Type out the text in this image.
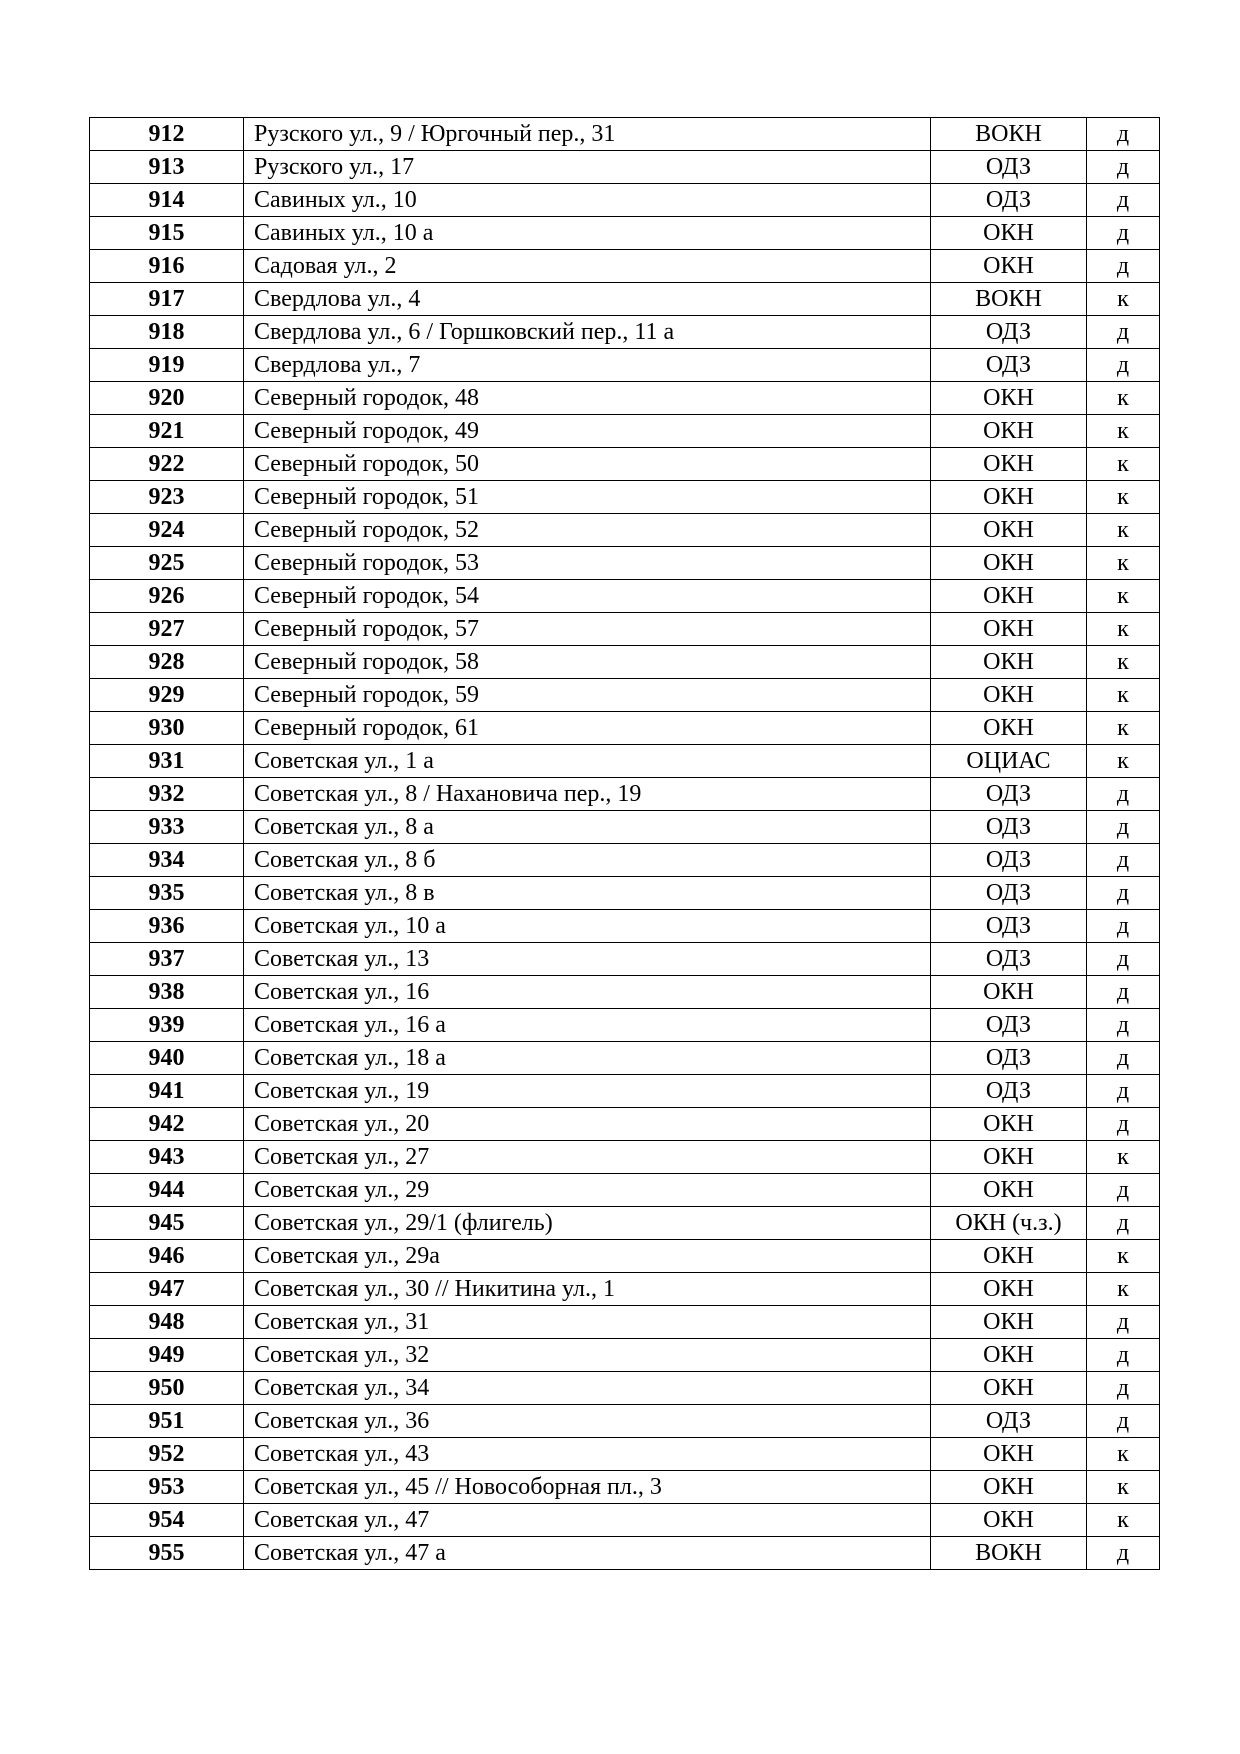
912	Рузского ул., 9 / Юргочный пер., 31	ВОКН	д
913	Рузского ул., 17	ОДЗ	д
914	Савиных ул., 10	ОДЗ	д
915	Савиных ул., 10 а	ОКН	д
916	Садовая ул., 2	ОКН	д
917	Свердлова ул., 4	ВОКН	к
918	Свердлова ул., 6 / Горшковский пер., 11 а	ОДЗ	д
919	Свердлова ул., 7	ОДЗ	д
920	Северный городок, 48	ОКН	к
921	Северный городок, 49	ОКН	к
922	Северный городок, 50	ОКН	к
923	Северный городок, 51	ОКН	к
924	Северный городок, 52	ОКН	к
925	Северный городок, 53	ОКН	к
926	Северный городок, 54	ОКН	к
927	Северный городок, 57	ОКН	к
928	Северный городок, 58	ОКН	к
929	Северный городок, 59	ОКН	к
930	Северный городок, 61	ОКН	к
931	Советская ул., 1 а	ОЦИАС	к
932	Советская ул., 8 / Нахановича пер., 19	ОДЗ	д
933	Советская ул., 8 а	ОДЗ	д
934	Советская ул., 8 б	ОДЗ	д
935	Советская ул., 8 в	ОДЗ	д
936	Советская ул., 10 а	ОДЗ	д
937	Советская ул., 13	ОДЗ	д
938	Советская ул., 16	ОКН	д
939	Советская ул., 16 а	ОДЗ	д
940	Советская ул., 18 а	ОДЗ	д
941	Советская ул., 19	ОДЗ	д
942	Советская ул., 20	ОКН	д
943	Советская ул., 27	ОКН	к
944	Советская ул., 29	ОКН	д
945	Советская ул., 29/1 (флигель)	ОКН (ч.з.)	д
946	Советская ул., 29а	ОКН	к
947	Советская ул., 30 // Никитина ул., 1	ОКН	к
948	Советская ул., 31	ОКН	д
949	Советская ул., 32	ОКН	д
950	Советская ул., 34	ОКН	д
951	Советская ул., 36	ОДЗ	д
952	Советская ул., 43	ОКН	к
953	Советская ул., 45 // Новособорная пл., 3	ОКН	к
954	Советская ул., 47	ОКН	к
955	Советская ул., 47 а	ВОКН	д
